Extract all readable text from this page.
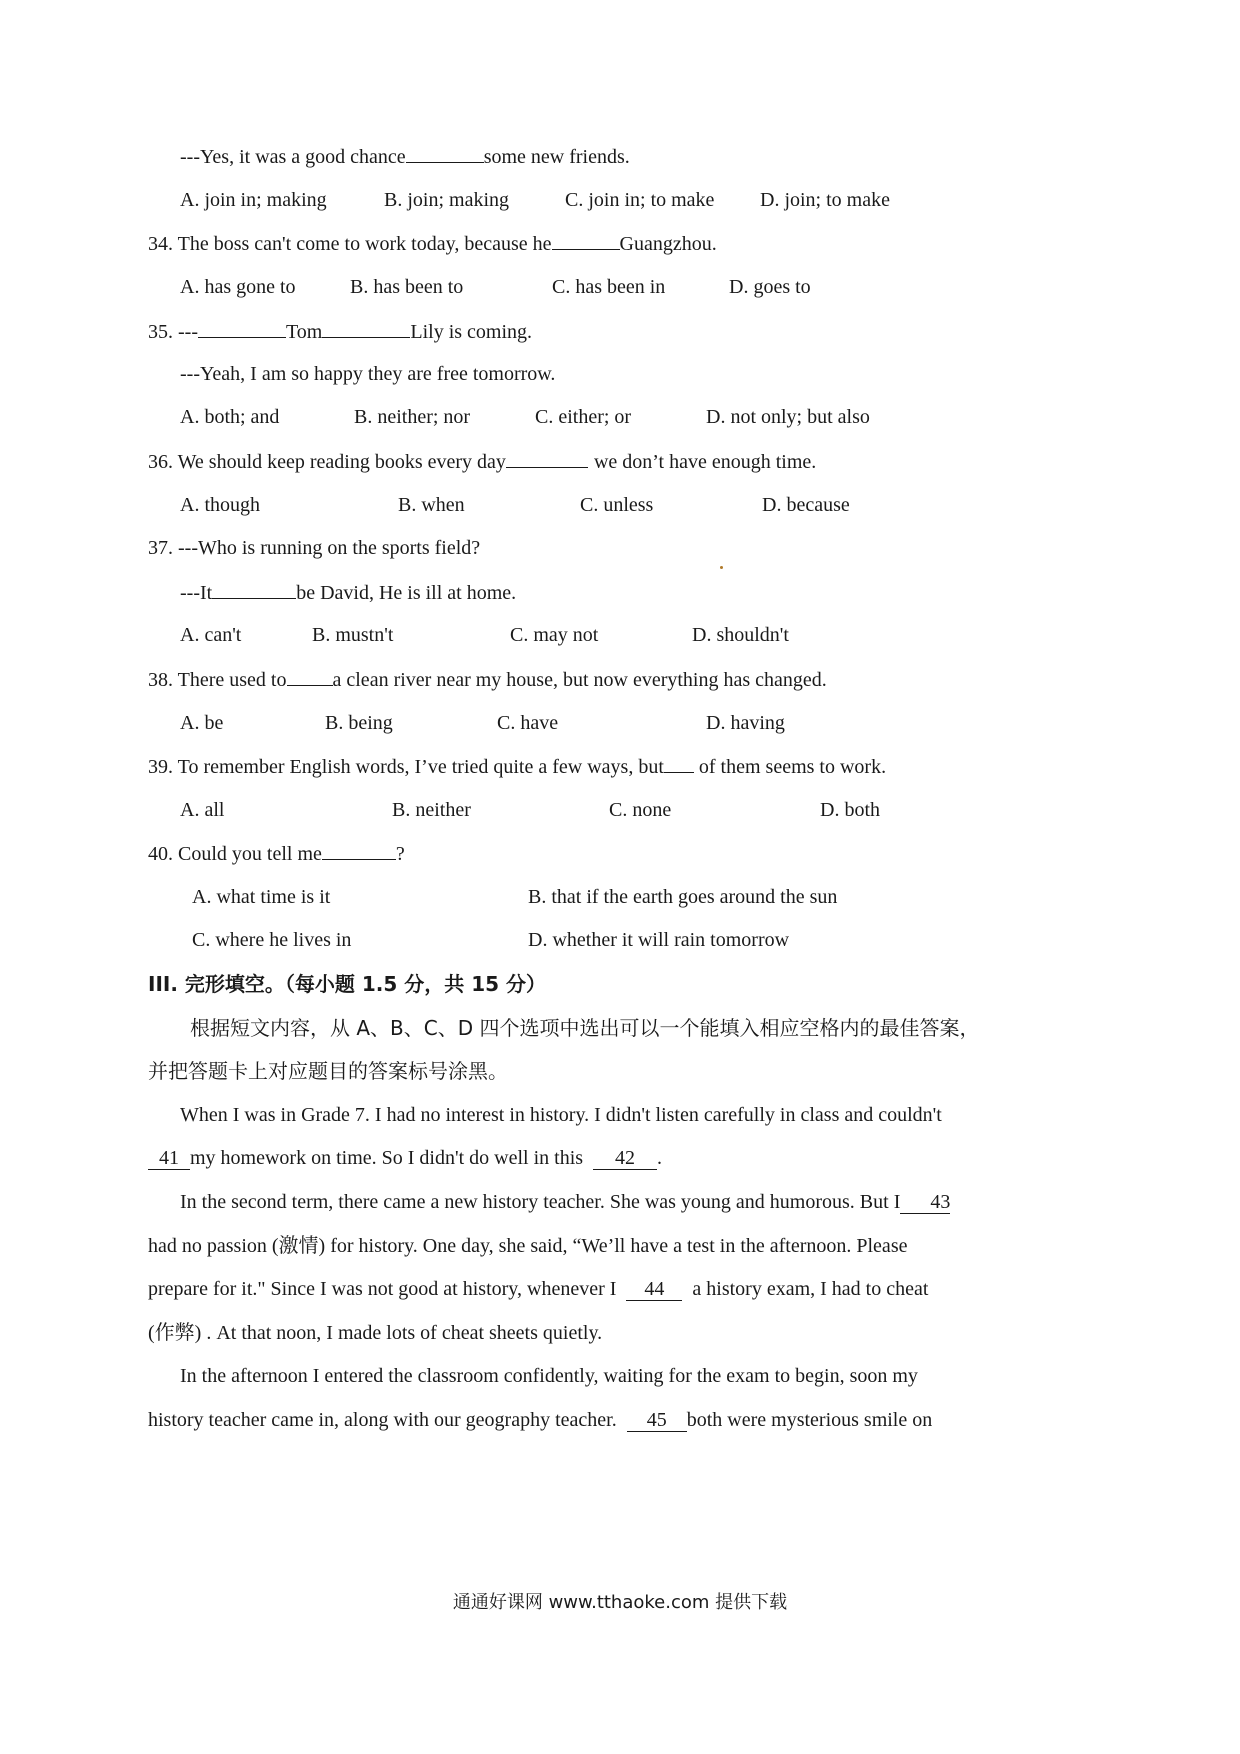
---Yes, it was a good chance	some new friends.
A. join in; making	B. join; making	C. join in; to make D. join; to make
34. The boss can't come to work today, because he	Guangzhou.
A. has gone to	B. has been to	C. has been in	D. goes to
35. ---	Tom	Lily is coming.
---Yeah, I am so happy they are free tomorrow.
A. both; and	B. neither; nor	C. either; or	D. not only; but also
36. We should keep reading books every day	we don’t have enough time.
A. though	B. when	C. unless	D. because
37. ---Who is running on the sports field?
---It	be David, He is ill at home.
A. can't	B. mustn't	C. may not	D. shouldn't
38. There used to a clean river near my house, but now everything has changed.
A. be	B. being	C. have	D. having
39. To remember English words, I’ve tried quite a few ways, but of them seems to work.
A. all	B. neither	C. none	D. both
40. Could you tell me	?
A. what time is it	B. that if the earth goes around the sun
C. where he lives in	D. whether it will rain tomorrow
III. 完形填空。（每小题 1.5 分，共 15 分）
根据短文内容，从 A、B、C、D 四个选项中选出可以一个能填入相应空格内的最佳答案，
并把答题卡上对应题目的答案标号涂黑。
When I was in Grade 7. I had no interest in history. I didn't listen carefully in class and couldn't
41 my homework on time. So I didn't do well in this 42 .
In the second term, there came a new history teacher. She was young and humorous. But I 43
had no passion (激情) for history. One day, she said, “We’ll have a test in the afternoon. Please
prepare for it." Since I was not good at history, whenever I 44 a history exam, I had to cheat
(作弊) . At that noon, I made lots of cheat sheets quietly.
In the afternoon I entered the classroom confidently, waiting for the exam to begin, soon my
history teacher came in, along with our geography teacher. 45 both were mysterious smile on
通通好课网 www.tthaoke.com 提供下载
